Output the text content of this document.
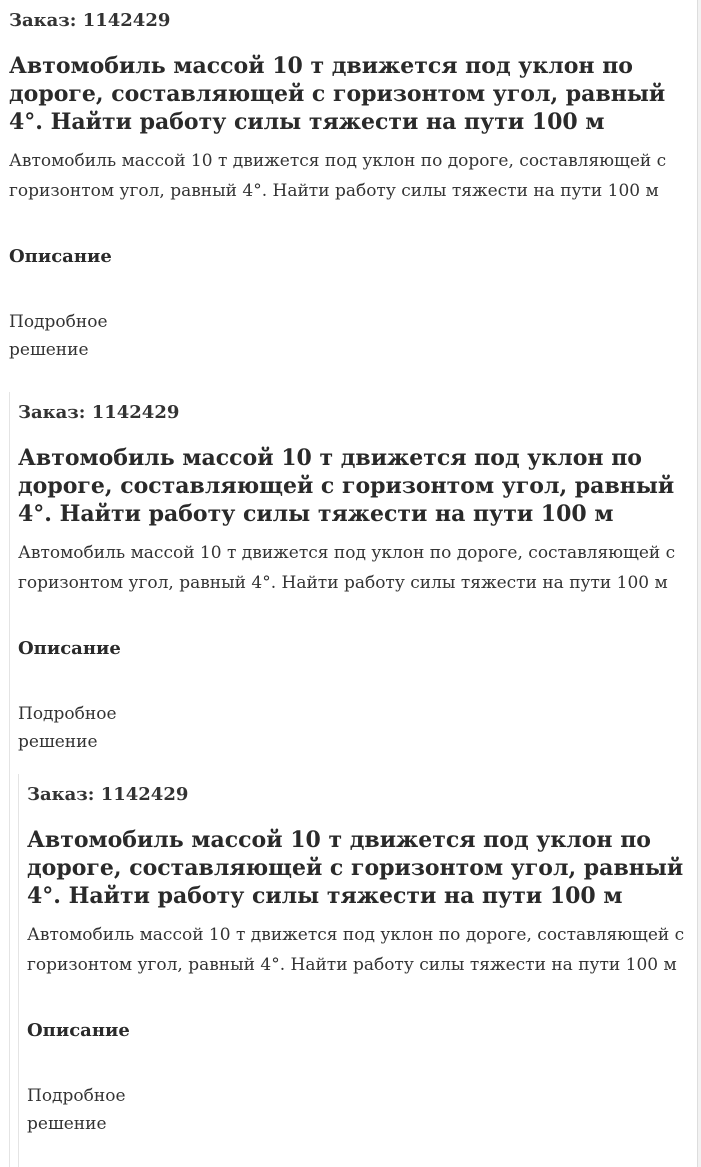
Заказ: 1142429
Автомобиль массой 10 т движется под уклон по дороге, составляющей с горизонтом угол, равный 4°. Найти работу силы тяжести на пути 100 м
Автомобиль массой 10 т движется под уклон по дороге, составляющей с горизонтом угол, равный 4°. Найти работу силы тяжести на пути 100 м
Описание
Подробное решение
Заказ: 1142429
Автомобиль массой 10 т движется под уклон по дороге, составляющей с горизонтом угол, равный 4°. Найти работу силы тяжести на пути 100 м
Автомобиль массой 10 т движется под уклон по дороге, составляющей с горизонтом угол, равный 4°. Найти работу силы тяжести на пути 100 м
Описание
Подробное решение
Заказ: 1142429
Автомобиль массой 10 т движется под уклон по дороге, составляющей с горизонтом угол, равный 4°. Найти работу силы тяжести на пути 100 м
Автомобиль массой 10 т движется под уклон по дороге, составляющей с горизонтом угол, равный 4°. Найти работу силы тяжести на пути 100 м
Описание
Подробное решение
